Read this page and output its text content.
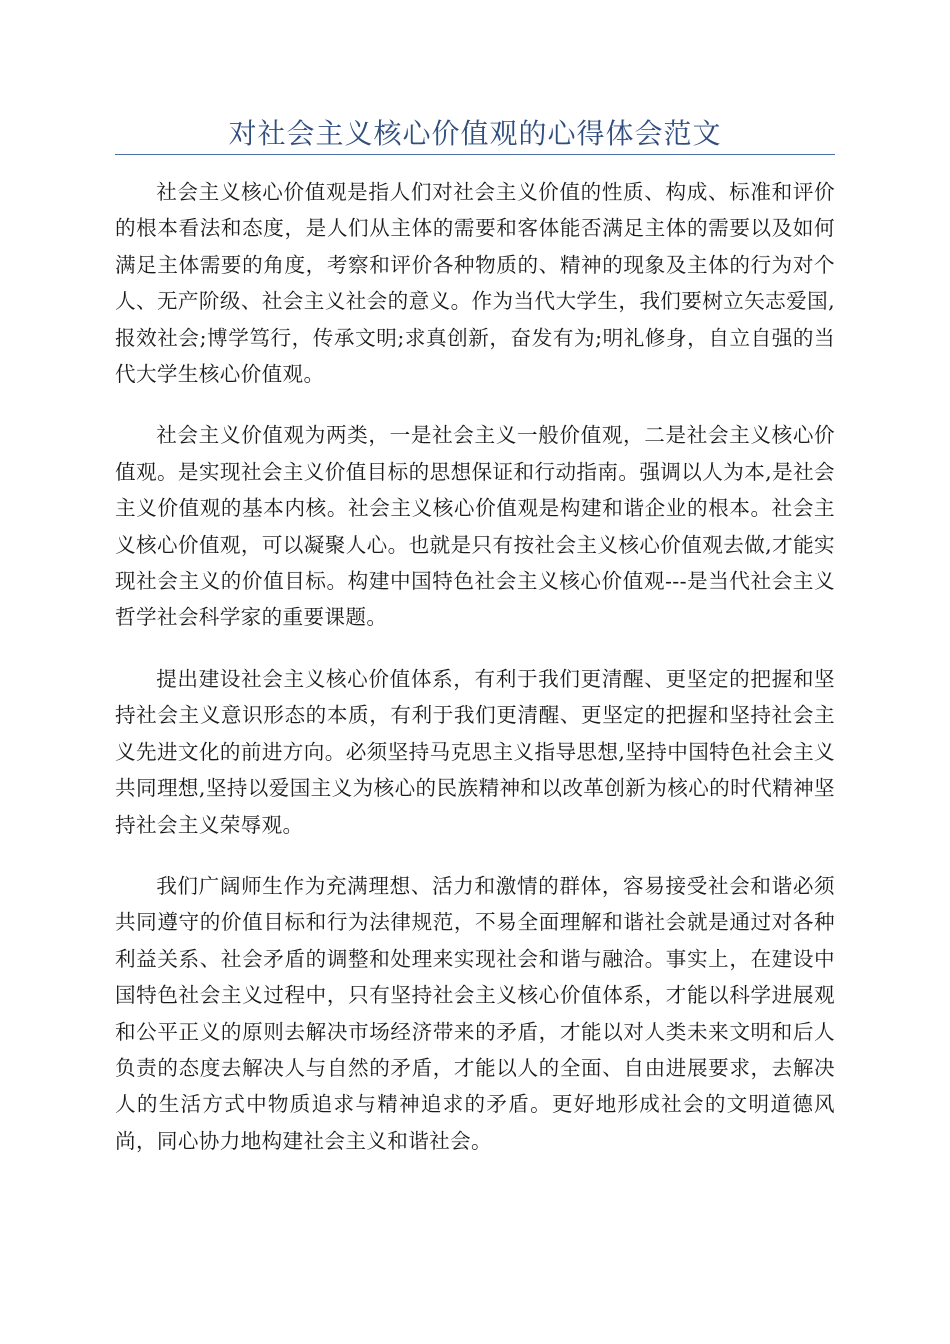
对社会主义核心价值观的心得体会范文

社会主义核心价值观是指人们对社会主义价值的性质、构成、标准和评价的根本看法和态度，是人们从主体的需要和客体能否满足主体的需要以及如何满足主体需要的角度，考察和评价各种物质的、精神的现象及主体的行为对个人、无产阶级、社会主义社会的意义。作为当代大学生，我们要树立矢志爱国,报效社会;博学笃行，传承文明;求真创新，奋发有为;明礼修身，自立自强的当代大学生核心价值观。

社会主义价值观为两类，一是社会主义一般价值观，二是社会主义核心价值观。是实现社会主义价值目标的思想保证和行动指南。强调以人为本,是社会主义价值观的基本内核。社会主义核心价值观是构建和谐企业的根本。社会主义核心价值观，可以凝聚人心。也就是只有按社会主义核心价值观去做,才能实现社会主义的价值目标。构建中国特色社会主义核心价值观---是当代社会主义哲学社会科学家的重要课题。

提出建设社会主义核心价值体系，有利于我们更清醒、更坚定的把握和坚持社会主义意识形态的本质，有利于我们更清醒、更坚定的把握和坚持社会主义先进文化的前进方向。必须坚持马克思主义指导思想,坚持中国特色社会主义共同理想,坚持以爱国主义为核心的民族精神和以改革创新为核心的时代精神坚持社会主义荣辱观。

我们广阔师生作为充满理想、活力和激情的群体，容易接受社会和谐必须共同遵守的价值目标和行为法律规范，不易全面理解和谐社会就是通过对各种利益关系、社会矛盾的调整和处理来实现社会和谐与融洽。事实上，在建设中国特色社会主义过程中，只有坚持社会主义核心价值体系，才能以科学进展观和公平正义的原则去解决市场经济带来的矛盾，才能以对人类未来文明和后人负责的态度去解决人与自然的矛盾，才能以人的全面、自由进展要求，去解决人的生活方式中物质追求与精神追求的矛盾。更好地形成社会的文明道德风尚，同心协力地构建社会主义和谐社会。
